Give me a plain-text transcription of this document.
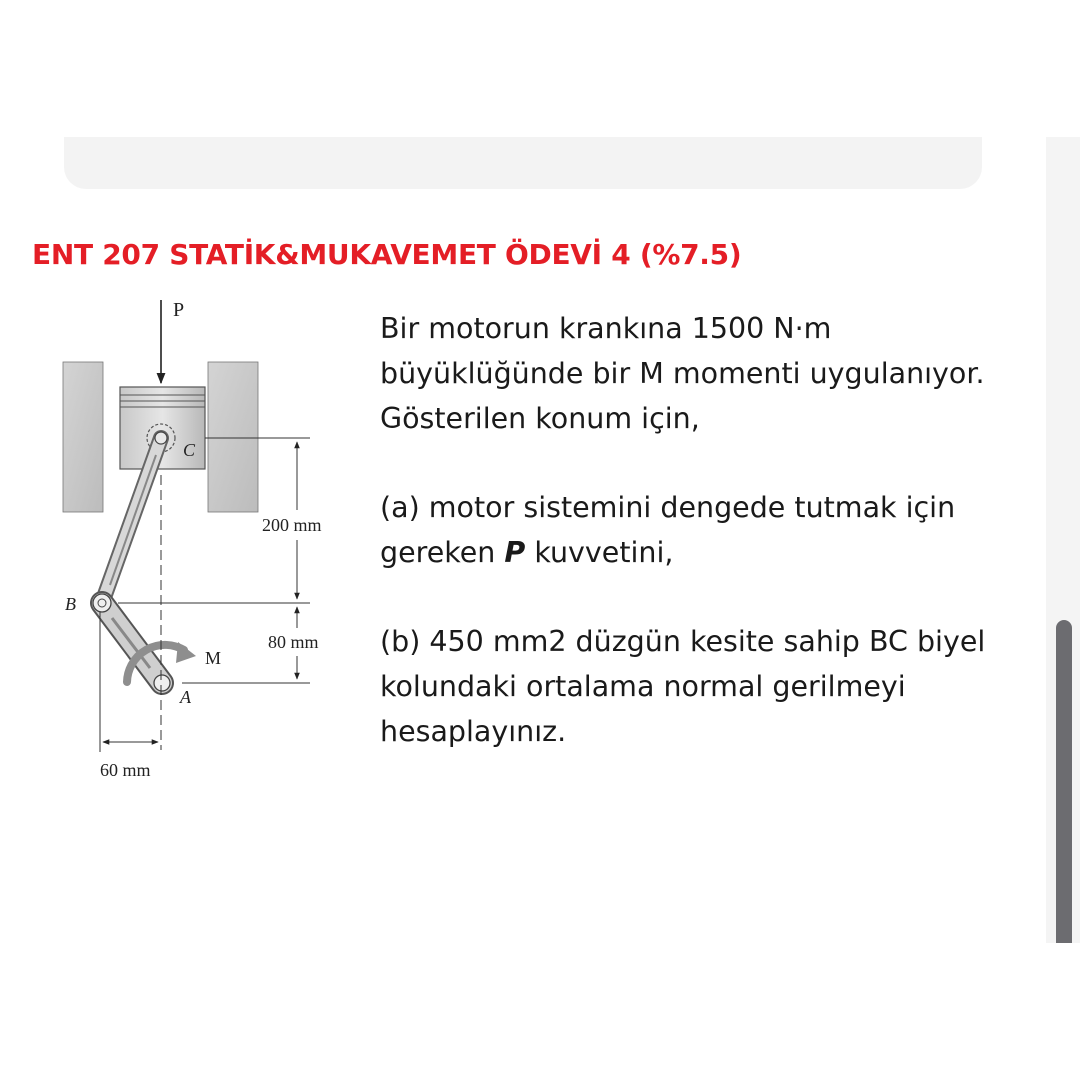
ENT 207 STATİK&MUKAVEMET ÖDEVİ 4 (%7.5)
P
C
B
A
M
200 mm
80 mm
60 mm

Bir motorun krankına 1500 N·m büyüklüğünde bir M momenti uygulanıyor. Gösterilen konum için,

(a) motor sistemini dengede tutmak için gereken P kuvvetini,

(b) 450 mm2 düzgün kesite sahip BC biyel kolundaki ortalama normal gerilmeyi hesaplayınız.
